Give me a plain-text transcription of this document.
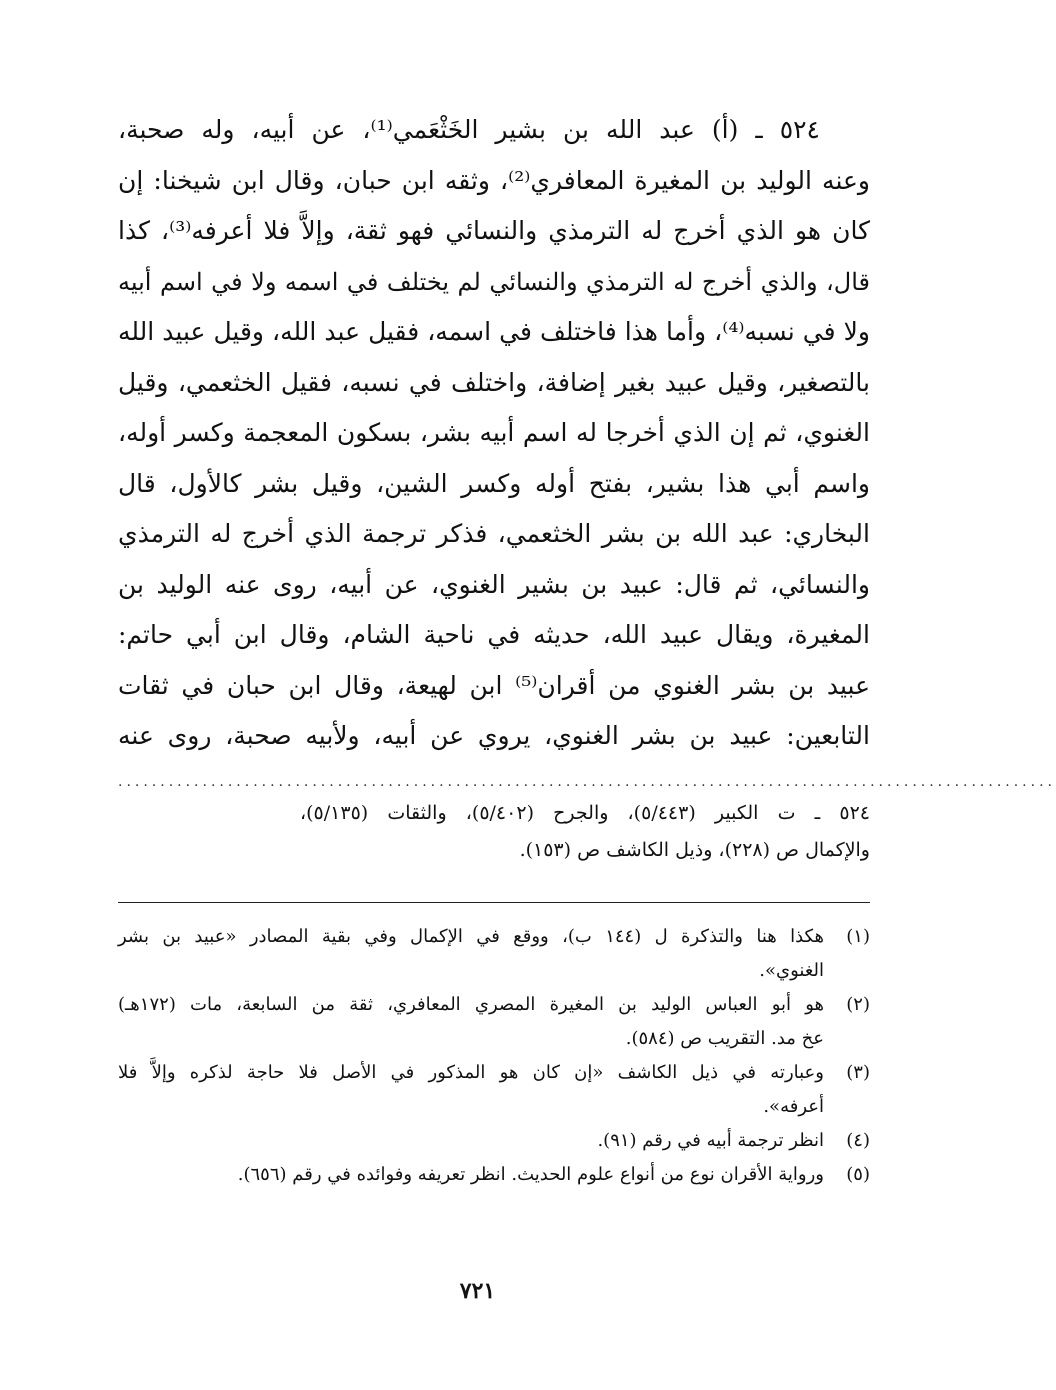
٥٢٤ ـ (أ) عبد الله بن بشير الخَثْعَمي⁽¹⁾، عن أبيه، وله صحبة،
وعنه الوليد بن المغيرة المعافري⁽²⁾، وثقه ابن حبان، وقال ابن شيخنا: إن
كان هو الذي أخرج له الترمذي والنسائي فهو ثقة، وإلاَّ فلا أعرفه⁽³⁾، كذا
قال، والذي أخرج له الترمذي والنسائي لم يختلف في اسمه ولا في اسم أبيه
ولا في نسبه⁽⁴⁾، وأما هذا فاختلف في اسمه، فقيل عبد الله، وقيل عبيد الله
بالتصغير، وقيل عبيد بغير إضافة، واختلف في نسبه، فقيل الخثعمي، وقيل
الغنوي، ثم إن الذي أخرجا له اسم أبيه بشر، بسكون المعجمة وكسر أوله،
واسم أبي هذا بشير، بفتح أوله وكسر الشين، وقيل بشر كالأول، قال
البخاري: عبد الله بن بشر الخثعمي، فذكر ترجمة الذي أخرج له الترمذي
والنسائي، ثم قال: عبيد بن بشير الغنوي، عن أبيه، روى عنه الوليد بن
المغيرة، ويقال عبيد الله، حديثه في ناحية الشام، وقال ابن أبي حاتم:
عبيد بن بشر الغنوي من أقران⁽⁵⁾ ابن لهيعة، وقال ابن حبان في ثقات
التابعين: عبيد بن بشر الغنوي، يروي عن أبيه، ولأبيه صحبة، روى عنه
...............................................................................................................
٥٢٤ ـ ت الكبير (٥/٤٤٣)، والجرح (٥/٤٠٢)، والثقات (٥/١٣٥)،
والإكمال ص (٢٢٨)، وذيل الكاشف ص (١٥٣).
(١)
هكذا هنا والتذكرة ل (١٤٤ ب)، ووقع في الإكمال وفي بقية المصادر «عبيد بن بشر
الغنوي».
(٢)
هو أبو العباس الوليد بن المغيرة المصري المعافري، ثقة من السابعة، مات (١٧٢هـ)
عخ مد. التقريب ص (٥٨٤).
(٣)
وعبارته في ذيل الكاشف «إن كان هو المذكور في الأصل فلا حاجة لذكره وإلاَّ فلا
أعرفه».
(٤)
انظر ترجمة أبيه في رقم (٩١).
(٥)
ورواية الأقران نوع من أنواع علوم الحديث. انظر تعريفه وفوائده في رقم (٦٥٦).
٧٢١
